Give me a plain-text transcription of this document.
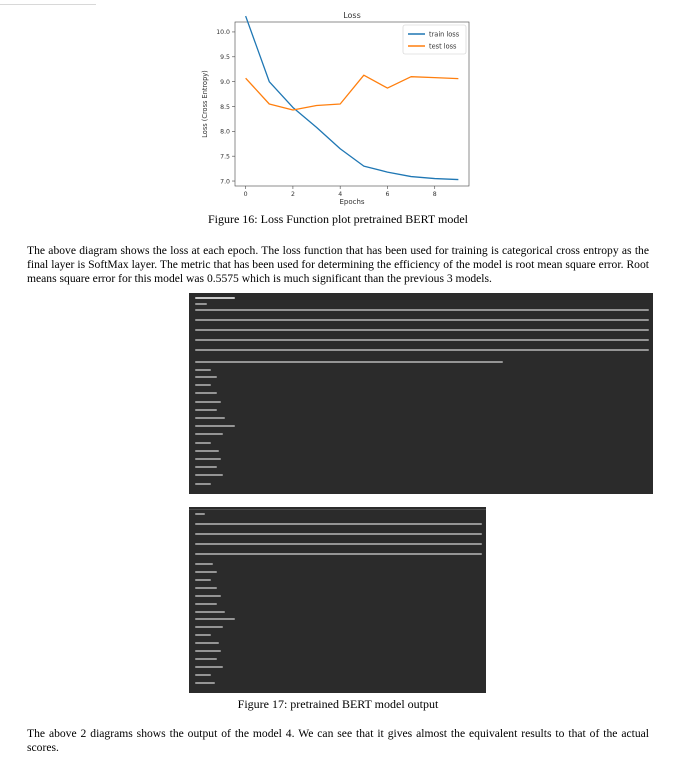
Loss
7.0
7.5
8.0
8.5
9.0
9.5
10.0
0	2	4	6	8
Epochs
Loss (Cross Entropy)
train loss
test loss
Figure 16: Loss Function plot pretrained BERT model
The above diagram shows the loss at each epoch. The loss function that has been used for training is categorical cross entropy as the final layer is SoftMax layer. The metric that has been used for determining the efficiency of the model is root mean square error. Root means square error for this model was 0.5575 which is much significant than the previous 3 models.
Figure 17: pretrained BERT model output
The above 2 diagrams shows the output of the model 4. We can see that it gives almost the equivalent results to that of the actual scores.
